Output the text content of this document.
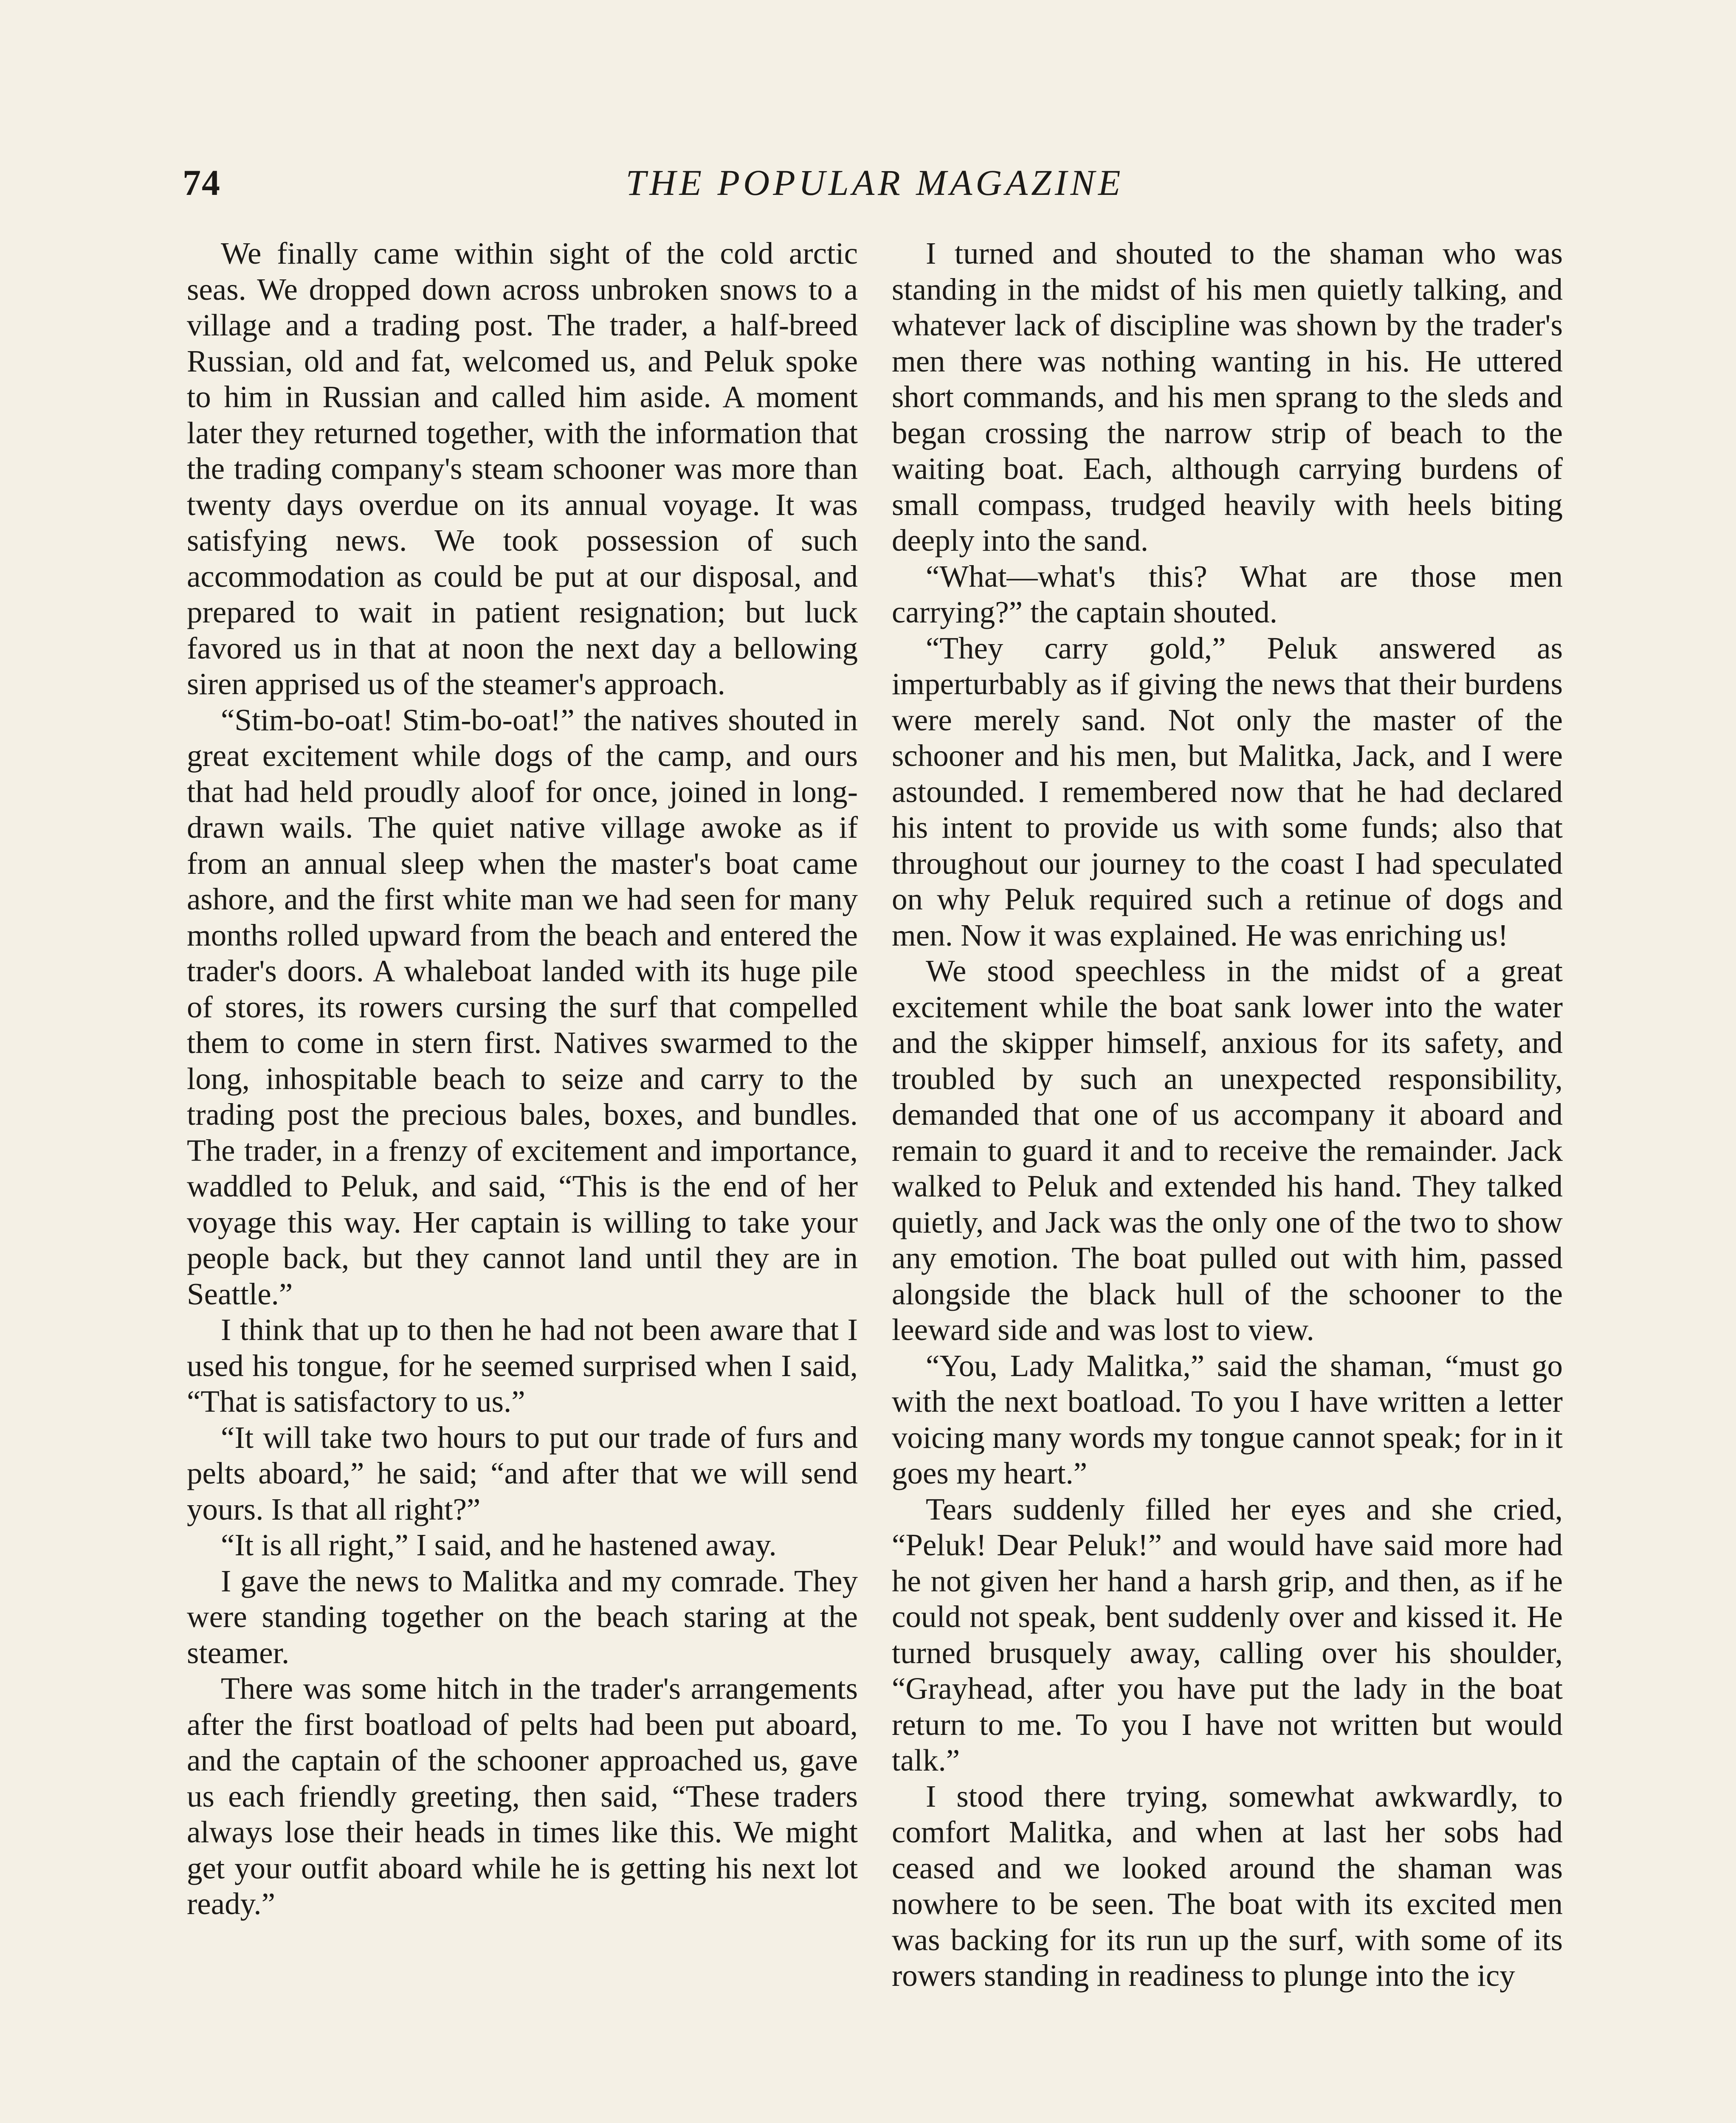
74	THE POPULAR MAGAZINE

We finally came within sight of the cold arctic seas. We dropped down across unbroken snows to a village and a trading post. The trader, a half-breed Russian, old and fat, welcomed us, and Peluk spoke to him in Russian and called him aside. A moment later they returned together, with the information that the trading company's steam schooner was more than twenty days overdue on its annual voyage. It was satisfying news. We took possession of such accommodation as could be put at our disposal, and prepared to wait in patient resignation; but luck favored us in that at noon the next day a bellowing siren apprised us of the steamer's approach.

“Stim-bo-oat! Stim-bo-oat!” the natives shouted in great excitement while dogs of the camp, and ours that had held proudly aloof for once, joined in long-drawn wails. The quiet native village awoke as if from an annual sleep when the master's boat came ashore, and the first white man we had seen for many months rolled upward from the beach and entered the trader's doors. A whaleboat landed with its huge pile of stores, its rowers cursing the surf that compelled them to come in stern first. Natives swarmed to the long, inhospitable beach to seize and carry to the trading post the precious bales, boxes, and bundles. The trader, in a frenzy of excitement and importance, waddled to Peluk, and said, “This is the end of her voyage this way. Her captain is willing to take your people back, but they cannot land until they are in Seattle.”

I think that up to then he had not been aware that I used his tongue, for he seemed surprised when I said, “That is satisfactory to us.”

“It will take two hours to put our trade of furs and pelts aboard,” he said; “and after that we will send yours. Is that all right?”

“It is all right,” I said, and he hastened away.

I gave the news to Malitka and my comrade. They were standing together on the beach staring at the steamer.

There was some hitch in the trader's arrangements after the first boatload of pelts had been put aboard, and the captain of the schooner approached us, gave us each friendly greeting, then said, “These traders always lose their heads in times like this. We might get your outfit aboard while he is getting his next lot ready.”

I turned and shouted to the shaman who was standing in the midst of his men quietly talking, and whatever lack of discipline was shown by the trader's men there was nothing wanting in his. He uttered short commands, and his men sprang to the sleds and began crossing the narrow strip of beach to the waiting boat. Each, although carrying burdens of small compass, trudged heavily with heels biting deeply into the sand.

“What—what's this? What are those men carrying?” the captain shouted.

“They carry gold,” Peluk answered as imperturbably as if giving the news that their burdens were merely sand. Not only the master of the schooner and his men, but Malitka, Jack, and I were astounded. I remembered now that he had declared his intent to provide us with some funds; also that throughout our journey to the coast I had speculated on why Peluk required such a retinue of dogs and men. Now it was explained. He was enriching us!

We stood speechless in the midst of a great excitement while the boat sank lower into the water and the skipper himself, anxious for its safety, and troubled by such an unexpected responsibility, demanded that one of us accompany it aboard and remain to guard it and to receive the remainder. Jack walked to Peluk and extended his hand. They talked quietly, and Jack was the only one of the two to show any emotion. The boat pulled out with him, passed alongside the black hull of the schooner to the leeward side and was lost to view.

“You, Lady Malitka,” said the shaman, “must go with the next boatload. To you I have written a letter voicing many words my tongue cannot speak; for in it goes my heart.”

Tears suddenly filled her eyes and she cried, “Peluk! Dear Peluk!” and would have said more had he not given her hand a harsh grip, and then, as if he could not speak, bent suddenly over and kissed it. He turned brusquely away, calling over his shoulder, “Grayhead, after you have put the lady in the boat return to me. To you I have not written but would talk.”

I stood there trying, somewhat awkwardly, to comfort Malitka, and when at last her sobs had ceased and we looked around the shaman was nowhere to be seen. The boat with its excited men was backing for its run up the surf, with some of its rowers standing in readiness to plunge into the icy
